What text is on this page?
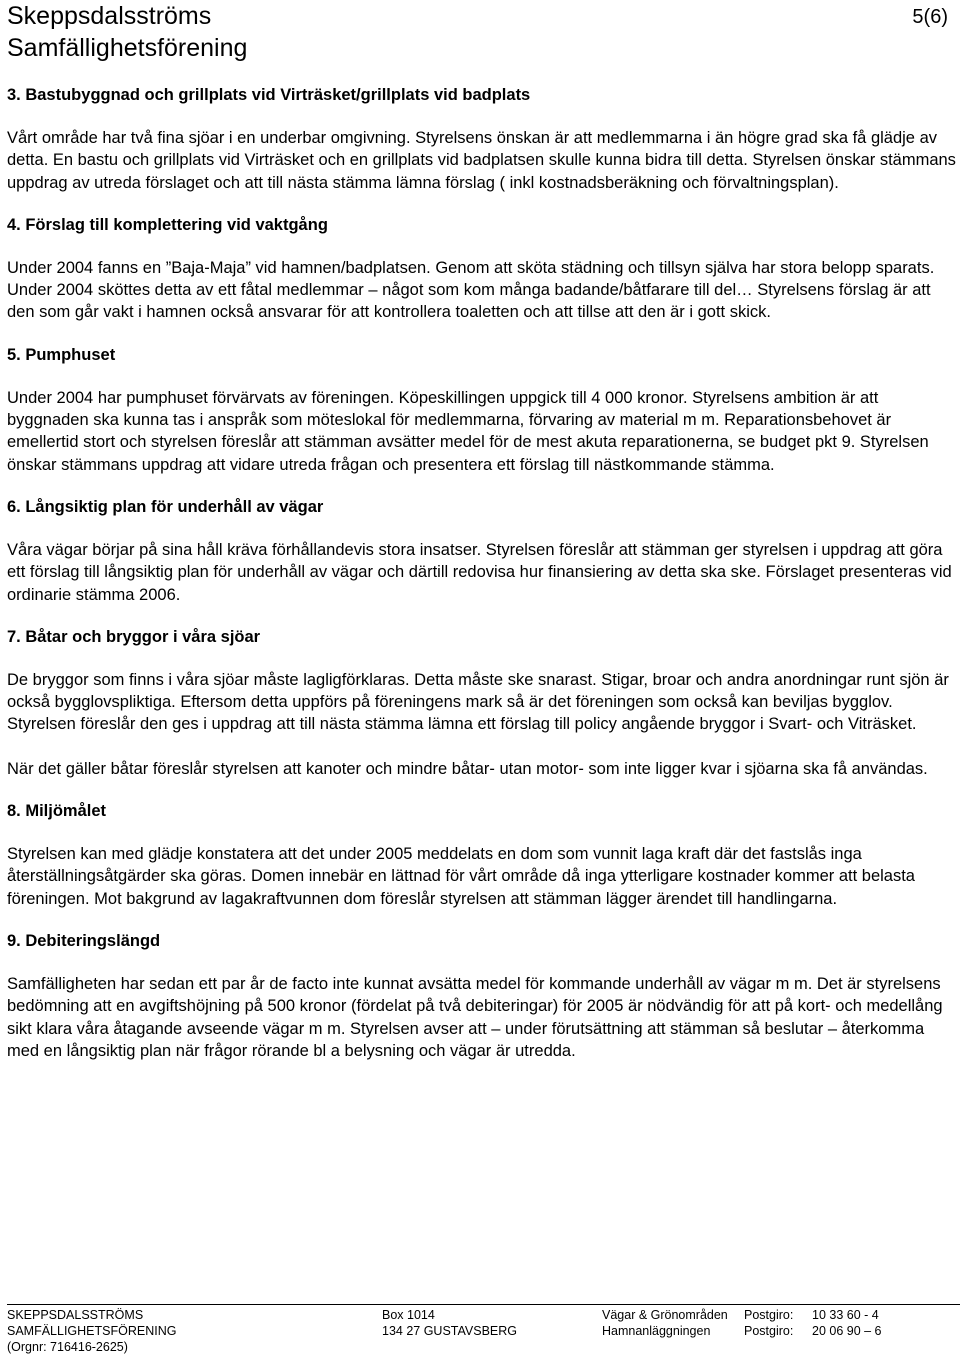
Skeppsdalsströms
Samfällighetsförening
5(6)
3. Bastubyggnad och grillplats vid Virträsket/grillplats vid badplats

Vårt område har två fina sjöar i en underbar omgivning. Styrelsens önskan är att medlemmarna i än högre grad ska få glädje av detta. En bastu och grillplats vid Virträsket och en grillplats vid badplatsen skulle kunna bidra till detta. Styrelsen önskar stämmans uppdrag av utreda förslaget och att till nästa stämma lämna förslag ( inkl kostnadsberäkning och förvaltningsplan).

4. Förslag till komplettering vid vaktgång

Under 2004 fanns en ”Baja-Maja” vid hamnen/badplatsen. Genom att sköta städning och tillsyn själva har stora belopp sparats. Under 2004 sköttes detta av ett fåtal medlemmar – något som kom många badande/båtfarare till del… Styrelsens förslag är att den som går vakt i hamnen också ansvarar för att kontrollera toaletten och att tillse att den är i gott skick.

5. Pumphuset

Under 2004 har pumphuset förvärvats av föreningen. Köpeskillingen uppgick till 4 000 kronor. Styrelsens ambition är att byggnaden ska kunna tas i anspråk som möteslokal för medlemmarna, förvaring av material m m. Reparationsbehovet är emellertid stort och styrelsen föreslår att stämman avsätter medel för de mest akuta reparationerna, se budget pkt 9. Styrelsen önskar stämmans uppdrag att vidare utreda frågan och presentera ett förslag till nästkommande stämma.

6. Långsiktig plan för underhåll av vägar

Våra vägar börjar på sina håll kräva förhållandevis stora insatser. Styrelsen föreslår att stämman ger styrelsen i uppdrag att göra ett förslag till långsiktig plan för underhåll av vägar och därtill redovisa hur finansiering av detta ska ske. Förslaget presenteras vid ordinarie stämma 2006.

7. Båtar och bryggor i våra sjöar

De bryggor som finns i våra sjöar måste lagligförklaras. Detta måste ske snarast. Stigar, broar och andra anordningar runt sjön är också bygglovspliktiga. Eftersom detta uppförs på föreningens mark så är det föreningen som också kan beviljas bygglov. Styrelsen föreslår den ges i uppdrag att till nästa stämma lämna ett förslag till policy angående bryggor i Svart- och Viträsket.

När det gäller båtar föreslår styrelsen att kanoter och mindre båtar- utan motor- som inte ligger kvar i sjöarna ska få användas.

8. Miljömålet

Styrelsen kan med glädje konstatera att det under 2005 meddelats en dom som vunnit laga kraft där det fastslås inga återställningsåtgärder ska göras. Domen innebär en lättnad för vårt område då inga ytterligare kostnader kommer att belasta föreningen. Mot bakgrund av lagakraftvunnen dom föreslår styrelsen att stämman lägger ärendet till handlingarna.

9. Debiteringslängd

Samfälligheten har sedan ett par år de facto inte kunnat avsätta medel för kommande underhåll av vägar m m. Det är styrelsens bedömning att en avgiftshöjning på 500 kronor (fördelat på två debiteringar) för 2005 är nödvändig för att på kort- och medellång sikt klara våra åtagande avseende vägar m m. Styrelsen avser att – under förutsättning att stämman så beslutar – återkomma med en långsiktig plan när frågor rörande bl a belysning och vägar är utredda.

SKEPPSDALSSTRÖMS
SAMFÄLLIGHETSFÖRENING
(Orgnr: 716416-2625)
Box 1014
134 27 GUSTAVSBERG
Vägar & Grönområden
Hamnanläggningen
Postgiro:
Postgiro:
10 33 60 - 4
20 06 90 – 6
